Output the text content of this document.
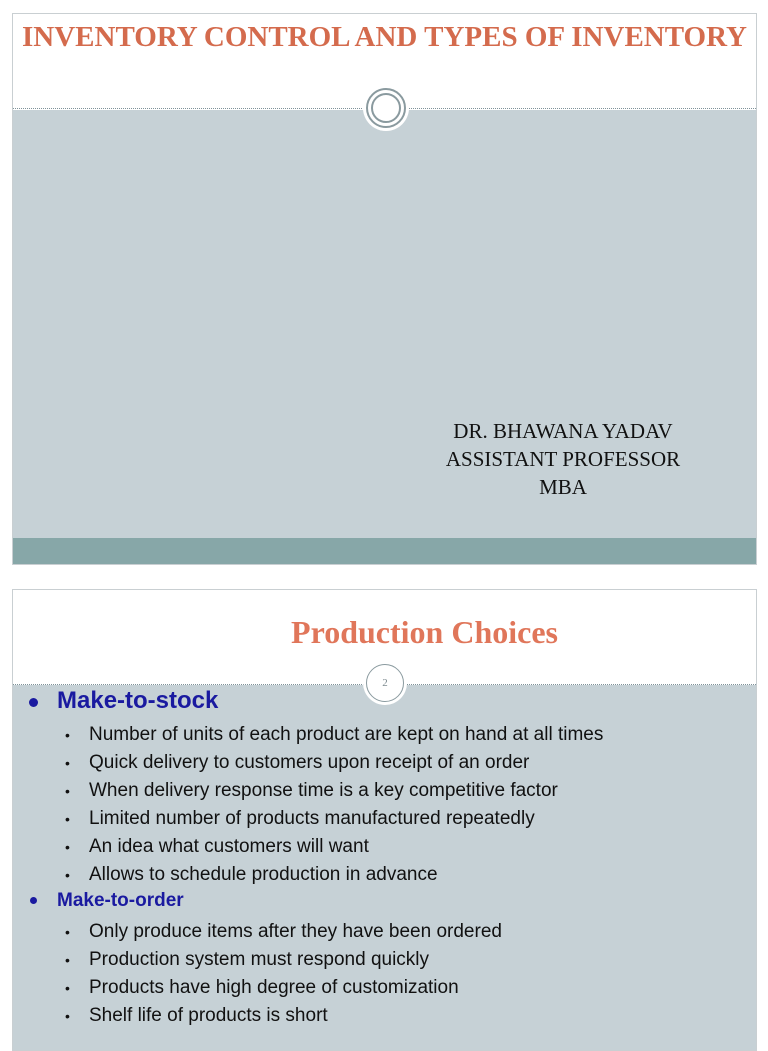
INVENTORY CONTROL AND TYPES OF INVENTORY
DR. BHAWANA YADAV
ASSISTANT PROFESSOR
MBA
Production Choices
2
Make-to-stock
• Number of units of each product are kept on hand at all times
• Quick delivery to customers upon receipt of an order
• When delivery response time is a key competitive factor
• Limited number of products manufactured repeatedly
• An idea what customers will want
• Allows to schedule production in advance
Make-to-order
• Only produce items after they have been ordered
• Production system must respond quickly
• Products have high degree of customization
• Shelf life of products is short
